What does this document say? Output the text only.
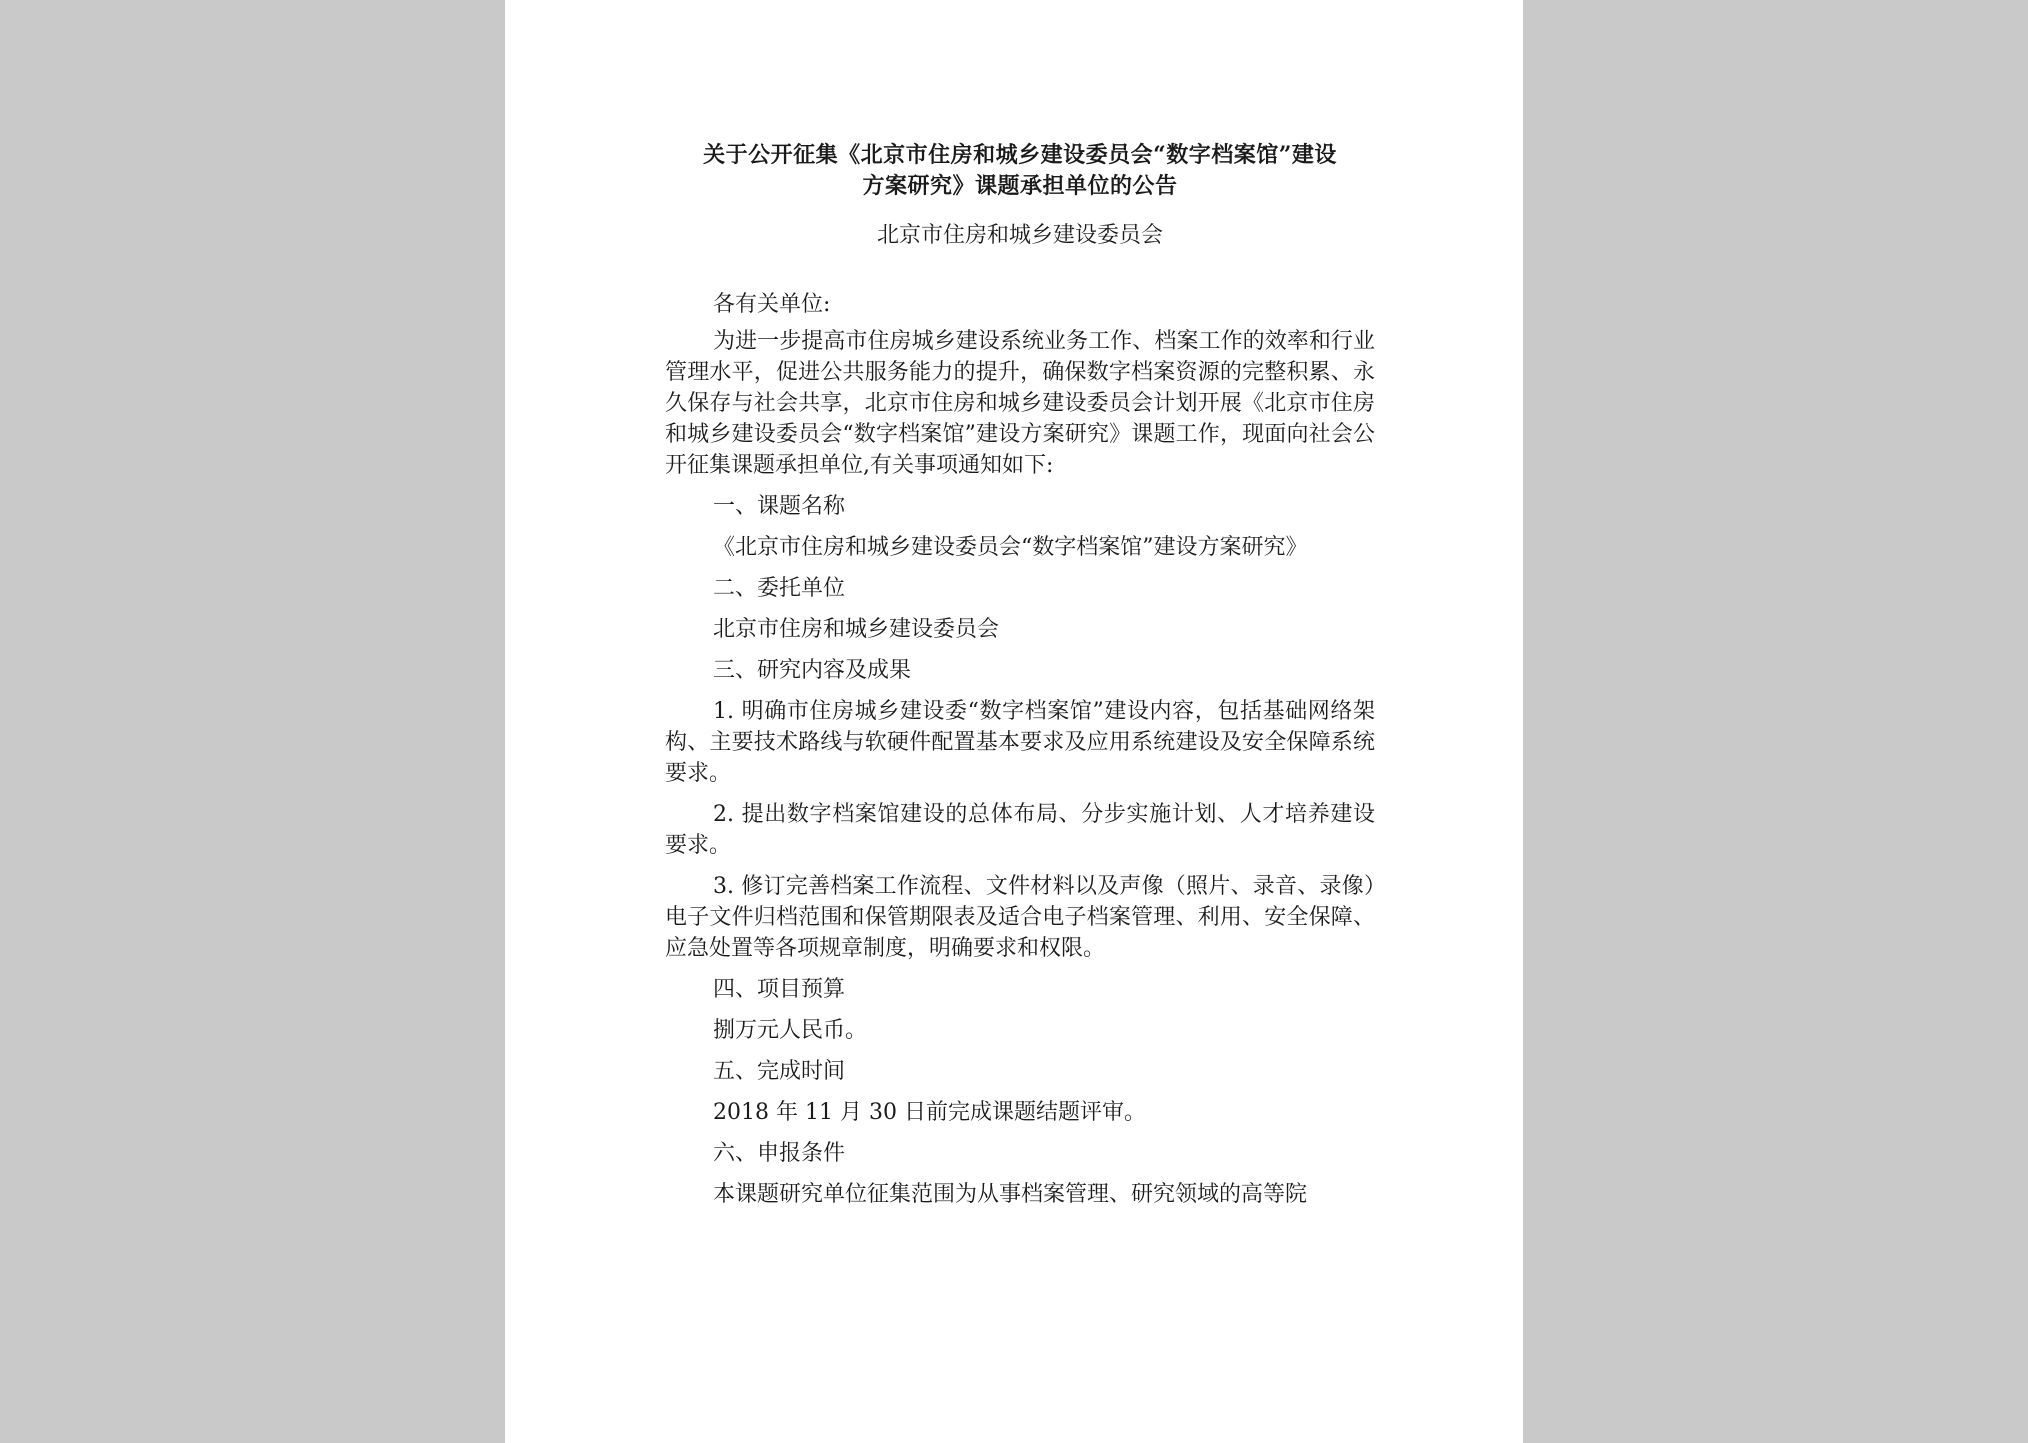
关于公开征集《北京市住房和城乡建设委员会“数字档案馆”建设
方案研究》课题承担单位的公告
北京市住房和城乡建设委员会

各有关单位:

为进一步提高市住房城乡建设系统业务工作、档案工作的效率和行业管理水平，促进公共服务能力的提升，确保数字档案资源的完整积累、永久保存与社会共享，北京市住房和城乡建设委员会计划开展《北京市住房和城乡建设委员会“数字档案馆”建设方案研究》课题工作，现面向社会公开征集课题承担单位,有关事项通知如下:

一、课题名称

《北京市住房和城乡建设委员会“数字档案馆”建设方案研究》

二、委托单位

北京市住房和城乡建设委员会

三、研究内容及成果

1. 明确市住房城乡建设委“数字档案馆”建设内容，包括基础网络架构、主要技术路线与软硬件配置基本要求及应用系统建设及安全保障系统要求。

2. 提出数字档案馆建设的总体布局、分步实施计划、人才培养建设要求。

3. 修订完善档案工作流程、文件材料以及声像（照片、录音、录像）电子文件归档范围和保管期限表及适合电子档案管理、利用、安全保障、应急处置等各项规章制度，明确要求和权限。

四、项目预算

捌万元人民币。

五、完成时间

2018 年 11 月 30 日前完成课题结题评审。

六、申报条件

本课题研究单位征集范围为从事档案管理、研究领域的高等院
